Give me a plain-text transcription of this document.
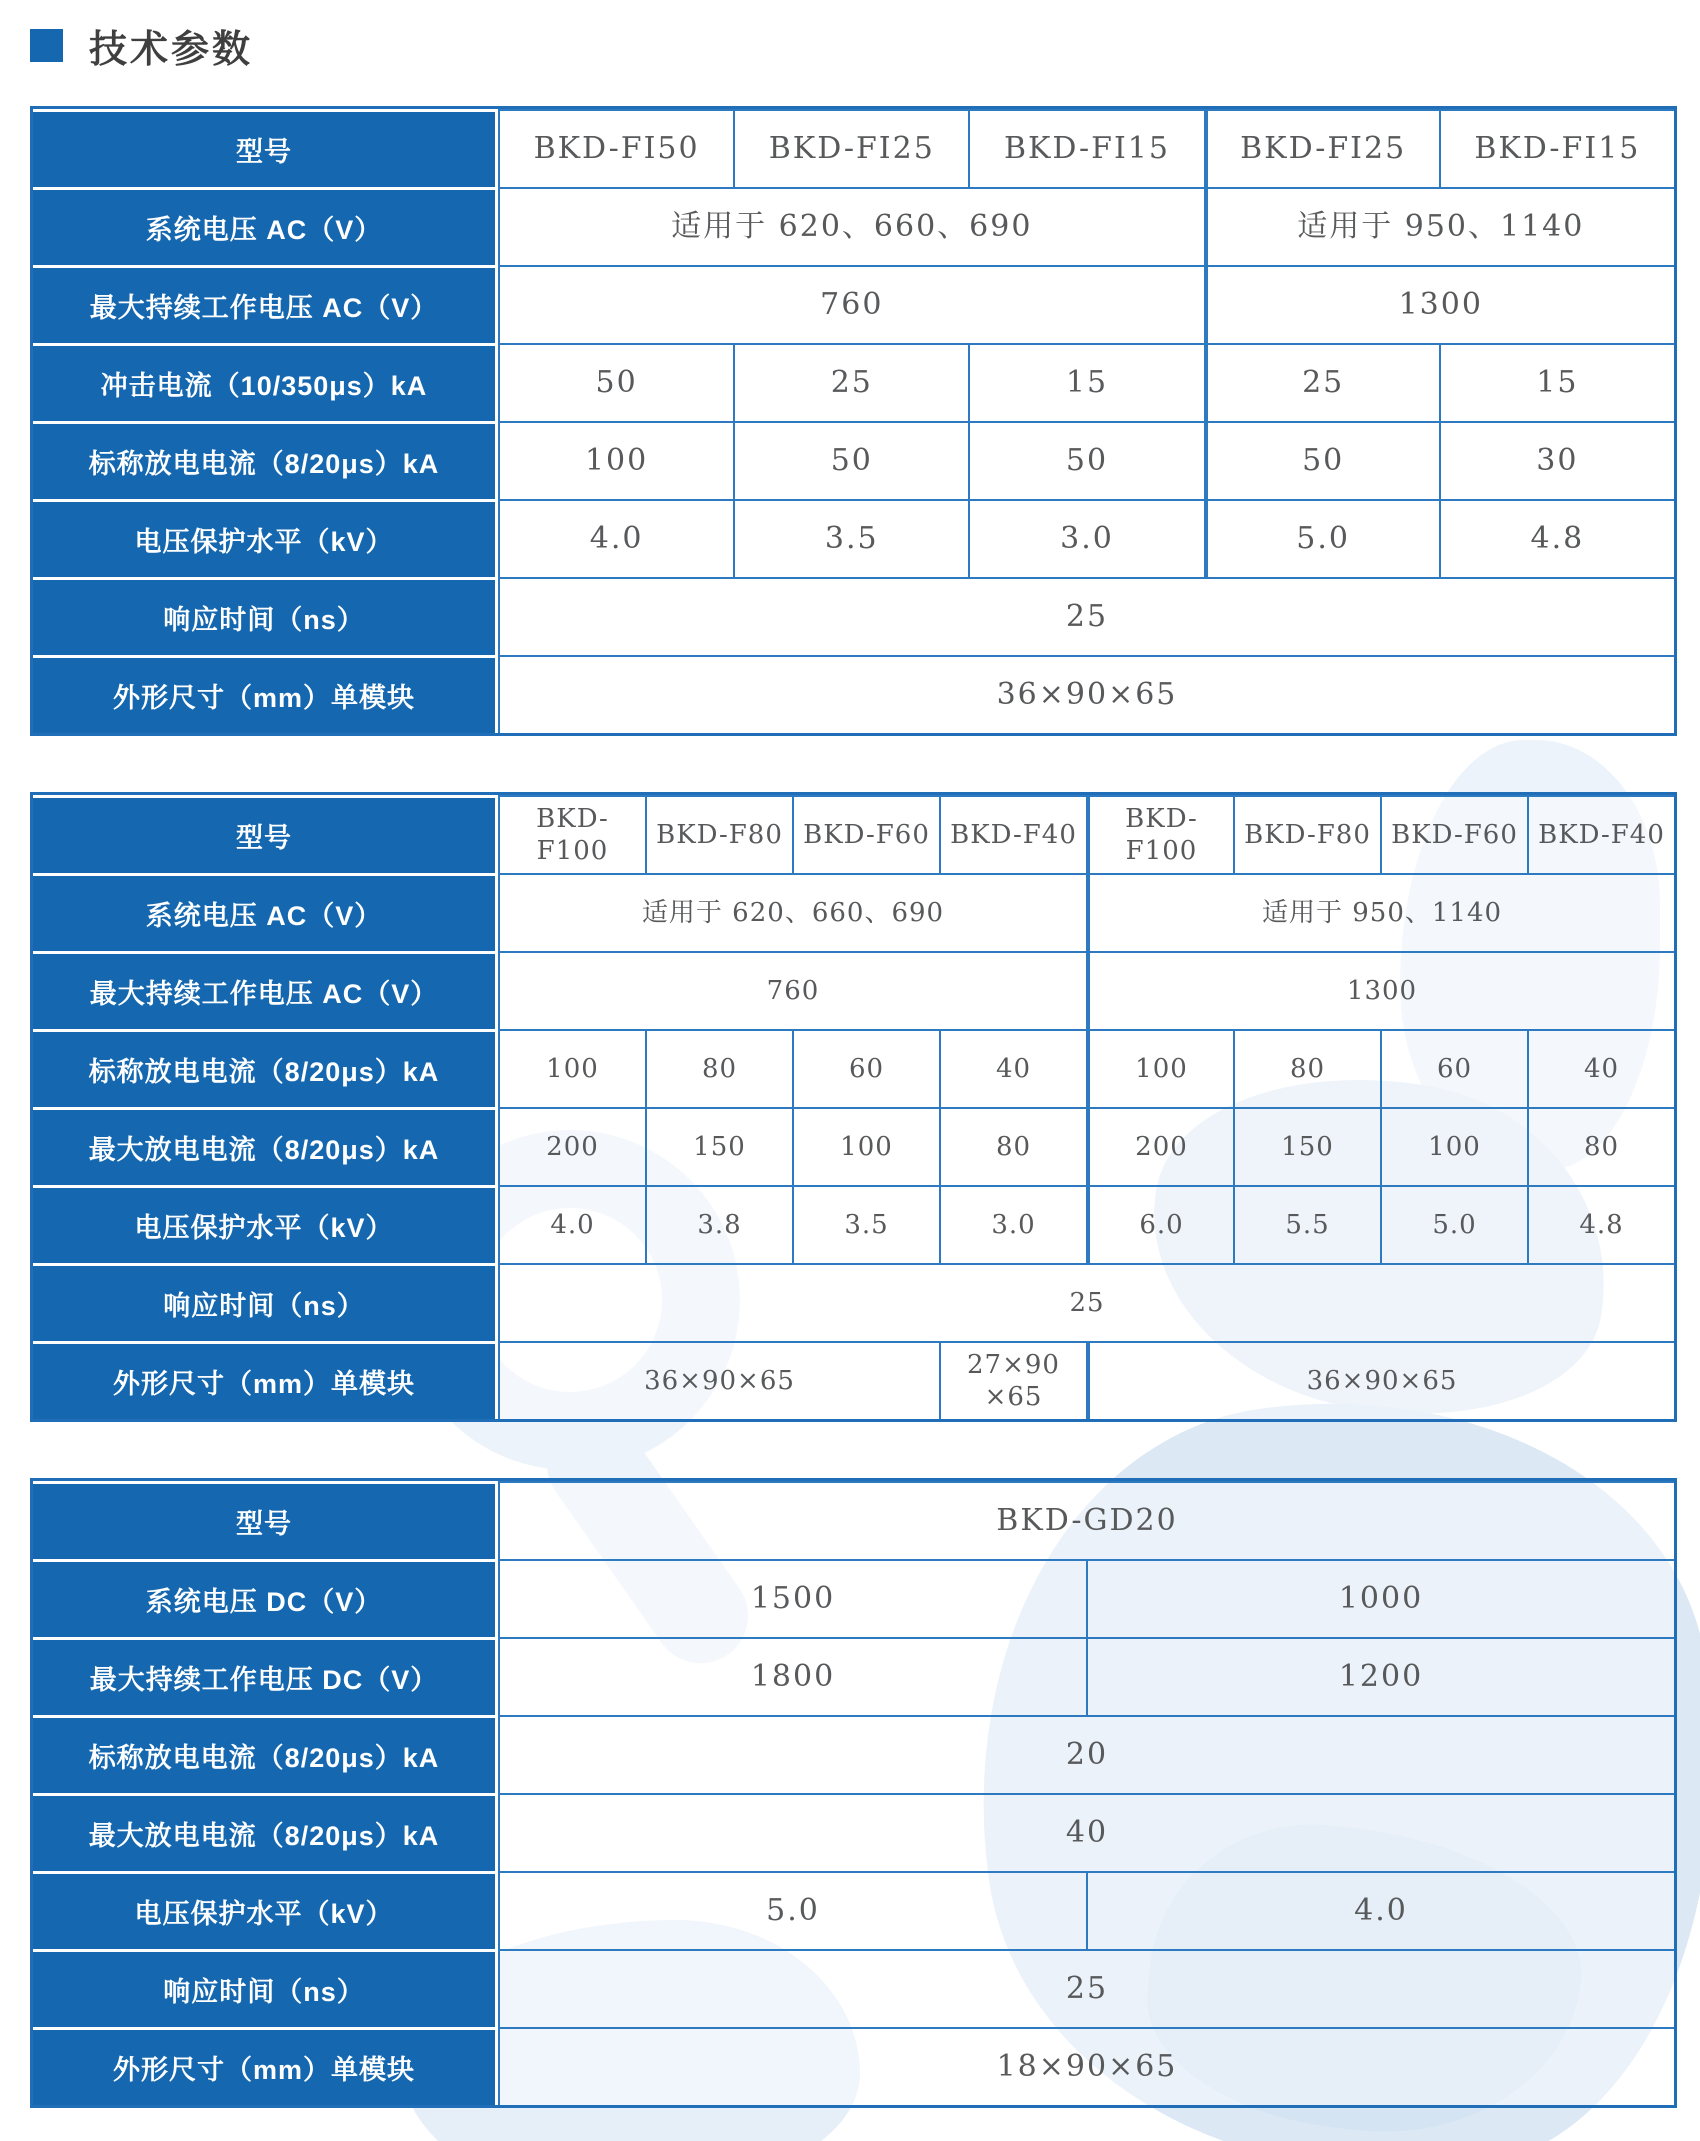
技术参数
型号	BKD-FI50	BKD-FI25	BKD-FI15	BKD-FI25	BKD-FI15
系统电压 AC（V）	适用于 620、660、690			适用于 950、1140	
最大持续工作电压 AC（V）	760			1300	
冲击电流（10/350μs）kA	50	25	15	25	15
标称放电电流（8/20μs）kA	100	50	50	50	30
电压保护水平（kV）	4.0	3.5	3.0	5.0	4.8
响应时间（ns）	25				
外形尺寸（mm）单模块	36×90×65				
型号	BKD-F100	BKD-F80	BKD-F60	BKD-F40	BKD-F100	BKD-F80	BKD-F60	BKD-F40
系统电压 AC（V）	适用于 620、660、690				适用于 950、1140			
最大持续工作电压 AC（V）	760				1300			
标称放电电流（8/20μs）kA	100	80	60	40	100	80	60	40
最大放电电流（8/20μs）kA	200	150	100	80	200	150	100	80
电压保护水平（kV）	4.0	3.8	3.5	3.0	6.0	5.5	5.0	4.8
响应时间（ns）	25							
外形尺寸（mm）单模块	36×90×65			27×90 ×65	36×90×65			
型号	BKD-GD20	
系统电压 DC（V）	1500	1000
最大持续工作电压 DC（V）	1800	1200
标称放电电流（8/20μs）kA	20	
最大放电电流（8/20μs）kA	40	
电压保护水平（kV）	5.0	4.0
响应时间（ns）	25	
外形尺寸（mm）单模块	18×90×65	
